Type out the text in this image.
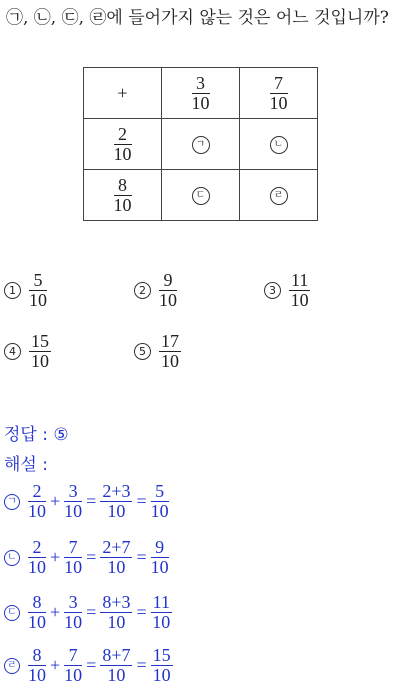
㉠, ㉡, ㉢, ㉣에 들어가지 않는 것은 어느 것입니까?
+	$\frac{3}{10}$	$\frac{7}{10}$

$\frac{2}{10}$	ㄱ	ㄴ

$\frac{8}{10}$	ㄷ	ㄹ
$1 \frac{5}{10}$	$2 \frac{9}{10}$	$3 \frac{11}{10}$
$4 \frac{15}{10}$	$5 \frac{17}{10}$
정답 : ⑤
해설 :
ㄱ $\frac{2}{10} + \frac{3}{10} = \frac{2+3}{10} = \frac{5}{10}$
ㄴ $\frac{2}{10} + \frac{7}{10} = \frac{2+7}{10} = \frac{9}{10}$
ㄷ $\frac{8}{10} + \frac{3}{10} = \frac{8+3}{10} = \frac{11}{10}$
ㄹ $\frac{8}{10} + \frac{7}{10} = \frac{8+7}{10} = \frac{15}{10}$
